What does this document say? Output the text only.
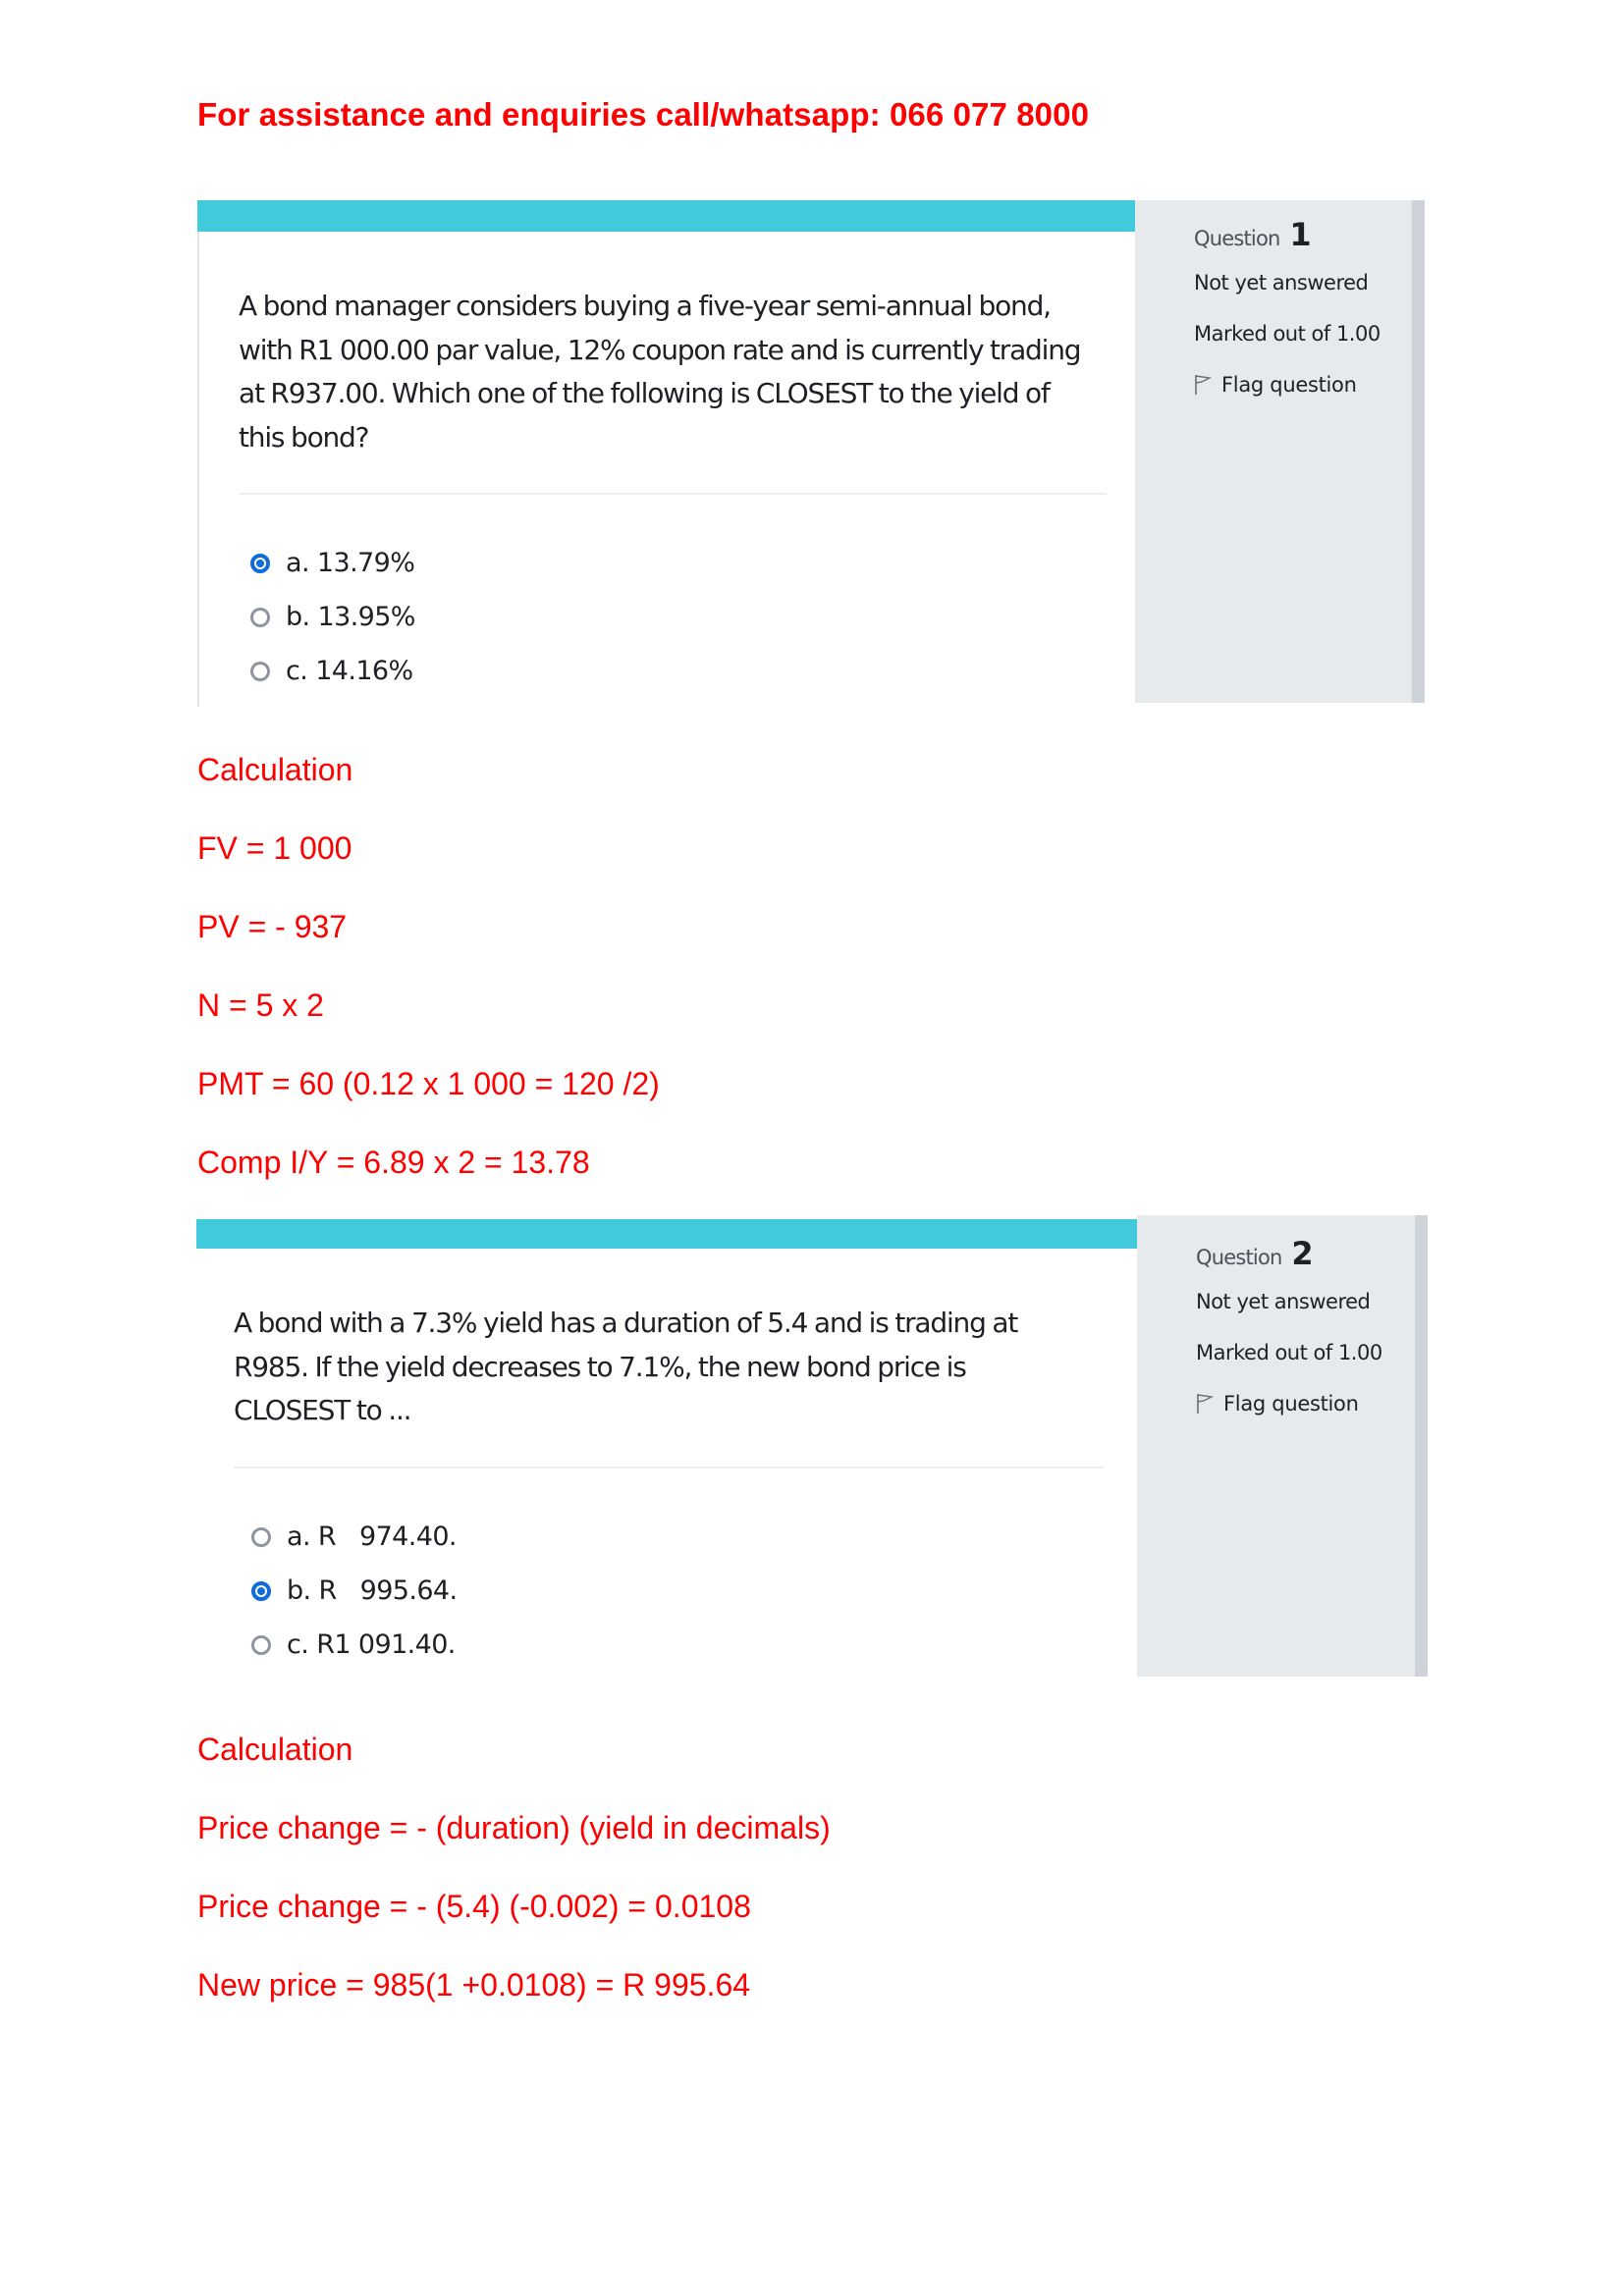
For assistance and enquiries call/whatsapp: 066 077 8000
A bond manager considers buying a five-year semi-annual bond,
with R1 000.00 par value, 12% coupon rate and is currently trading
at R937.00. Which one of the following is CLOSEST to the yield of
this bond?
a. 13.79%
b. 13.95%
c. 14.16%
Question 1
Not yet answered
Marked out of 1.00
Flag question
Calculation
FV = 1 000
PV = - 937
N = 5 x 2
PMT = 60 (0.12 x 1 000 = 120 /2)
Comp I/Y = 6.89 x 2 = 13.78
A bond with a 7.3% yield has a duration of 5.4 and is trading at
R985. If the yield decreases to 7.1%, the new bond price is
CLOSEST to ...
a. R   974.40.
b. R   995.64.
c. R1 091.40.
Question 2
Not yet answered
Marked out of 1.00
Flag question
Calculation
Price change = - (duration) (yield in decimals)
Price change = - (5.4) (-0.002) = 0.0108
New price = 985(1 +0.0108) = R 995.64
